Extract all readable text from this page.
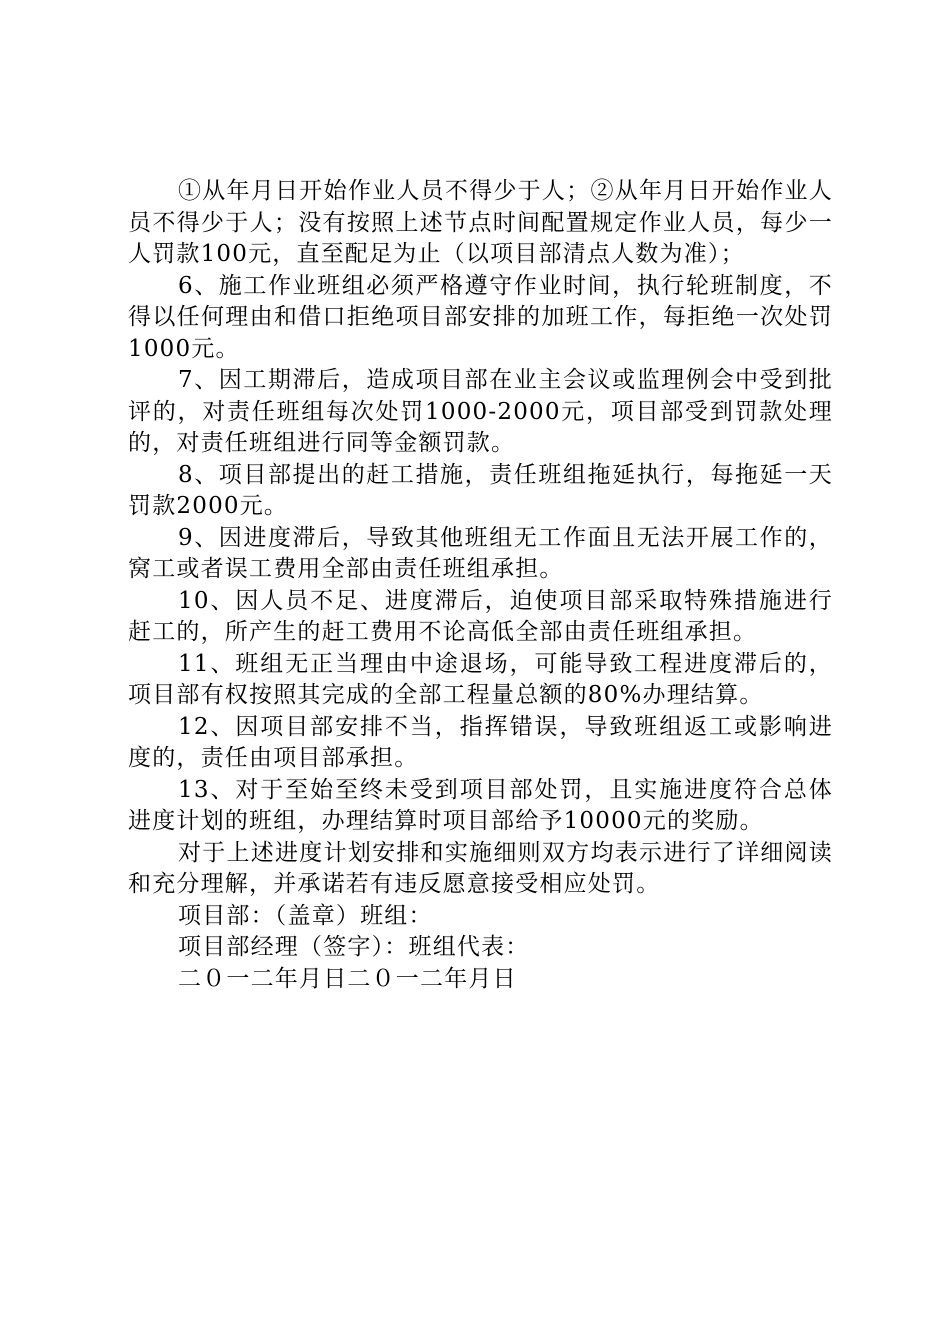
①从年月日开始作业人员不得少于人；②从年月日开始作业人员不得少于人；没有按照上述节点时间配置规定作业人员，每少一人罚款100元，直至配足为止（以项目部清点人数为准）；

6、施工作业班组必须严格遵守作业时间，执行轮班制度，不得以任何理由和借口拒绝项目部安排的加班工作，每拒绝一次处罚1000元。

7、因工期滞后，造成项目部在业主会议或监理例会中受到批评的，对责任班组每次处罚1000-2000元，项目部受到罚款处理的，对责任班组进行同等金额罚款。

8、项目部提出的赶工措施，责任班组拖延执行，每拖延一天罚款2000元。

9、因进度滞后，导致其他班组无工作面且无法开展工作的，窝工或者误工费用全部由责任班组承担。

10、因人员不足、进度滞后，迫使项目部采取特殊措施进行赶工的，所产生的赶工费用不论高低全部由责任班组承担。

11、班组无正当理由中途退场，可能导致工程进度滞后的，项目部有权按照其完成的全部工程量总额的80%办理结算。

12、因项目部安排不当，指挥错误，导致班组返工或影响进度的，责任由项目部承担。

13、对于至始至终未受到项目部处罚，且实施进度符合总体进度计划的班组，办理结算时项目部给予10000元的奖励。

对于上述进度计划安排和实施细则双方均表示进行了详细阅读和充分理解，并承诺若有违反愿意接受相应处罚。

项目部：（盖章）班组：

项目部经理（签字）：班组代表：

二０一二年月日二０一二年月日
